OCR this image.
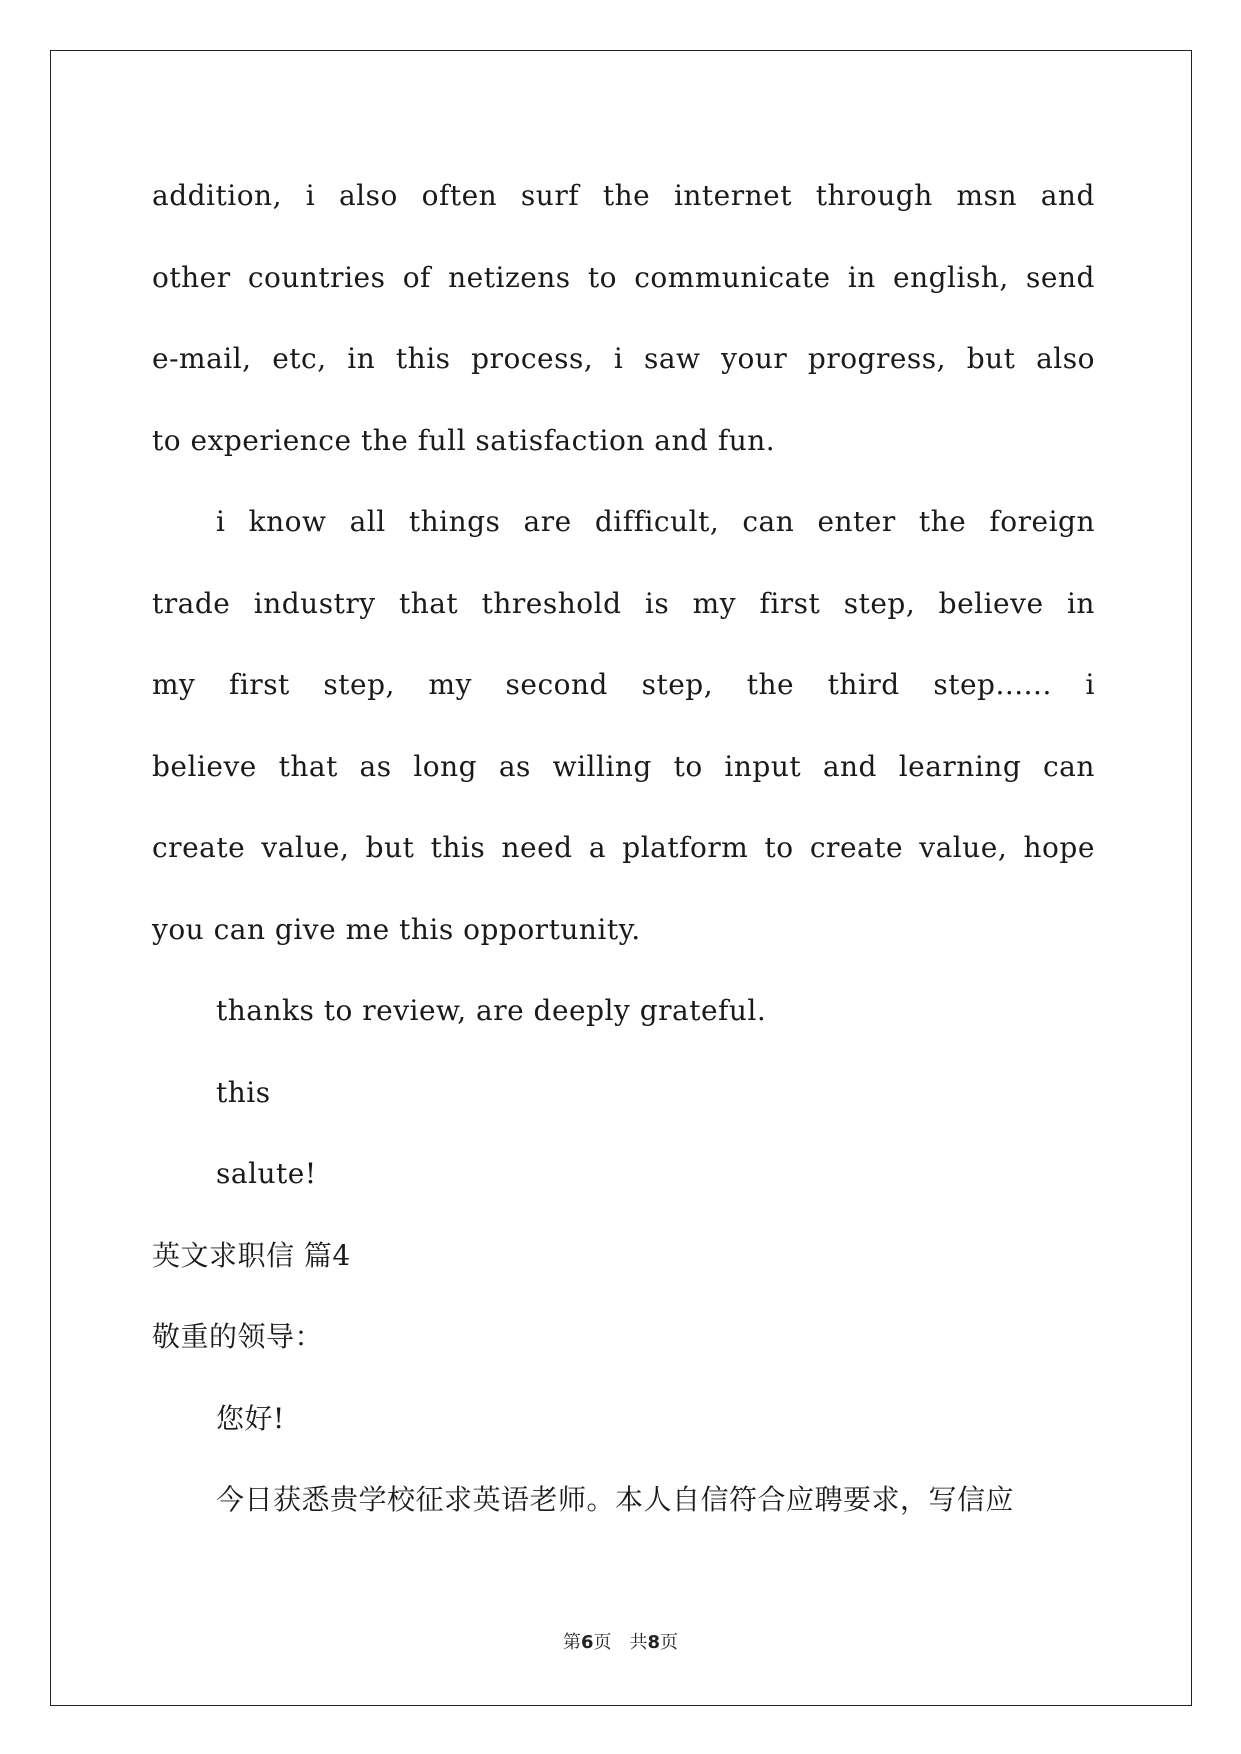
addition, i also often surf the internet through msn and
other countries of netizens to communicate in english, send
e-mail, etc, in this process, i saw your progress, but also
to experience the full satisfaction and fun.
i know all things are difficult, can enter the foreign
trade industry that threshold is my first step, believe in
my first step, my second step, the third step...... i
believe that as long as willing to input and learning can
create value, but this need a platform to create value, hope
you can give me this opportunity.
thanks to review, are deeply grateful.
this
salute!
英文求职信 篇4
敬重的领导：
您好!
今日获悉贵学校征求英语老师。本人自信符合应聘要求，写信应
第6页　共8页
